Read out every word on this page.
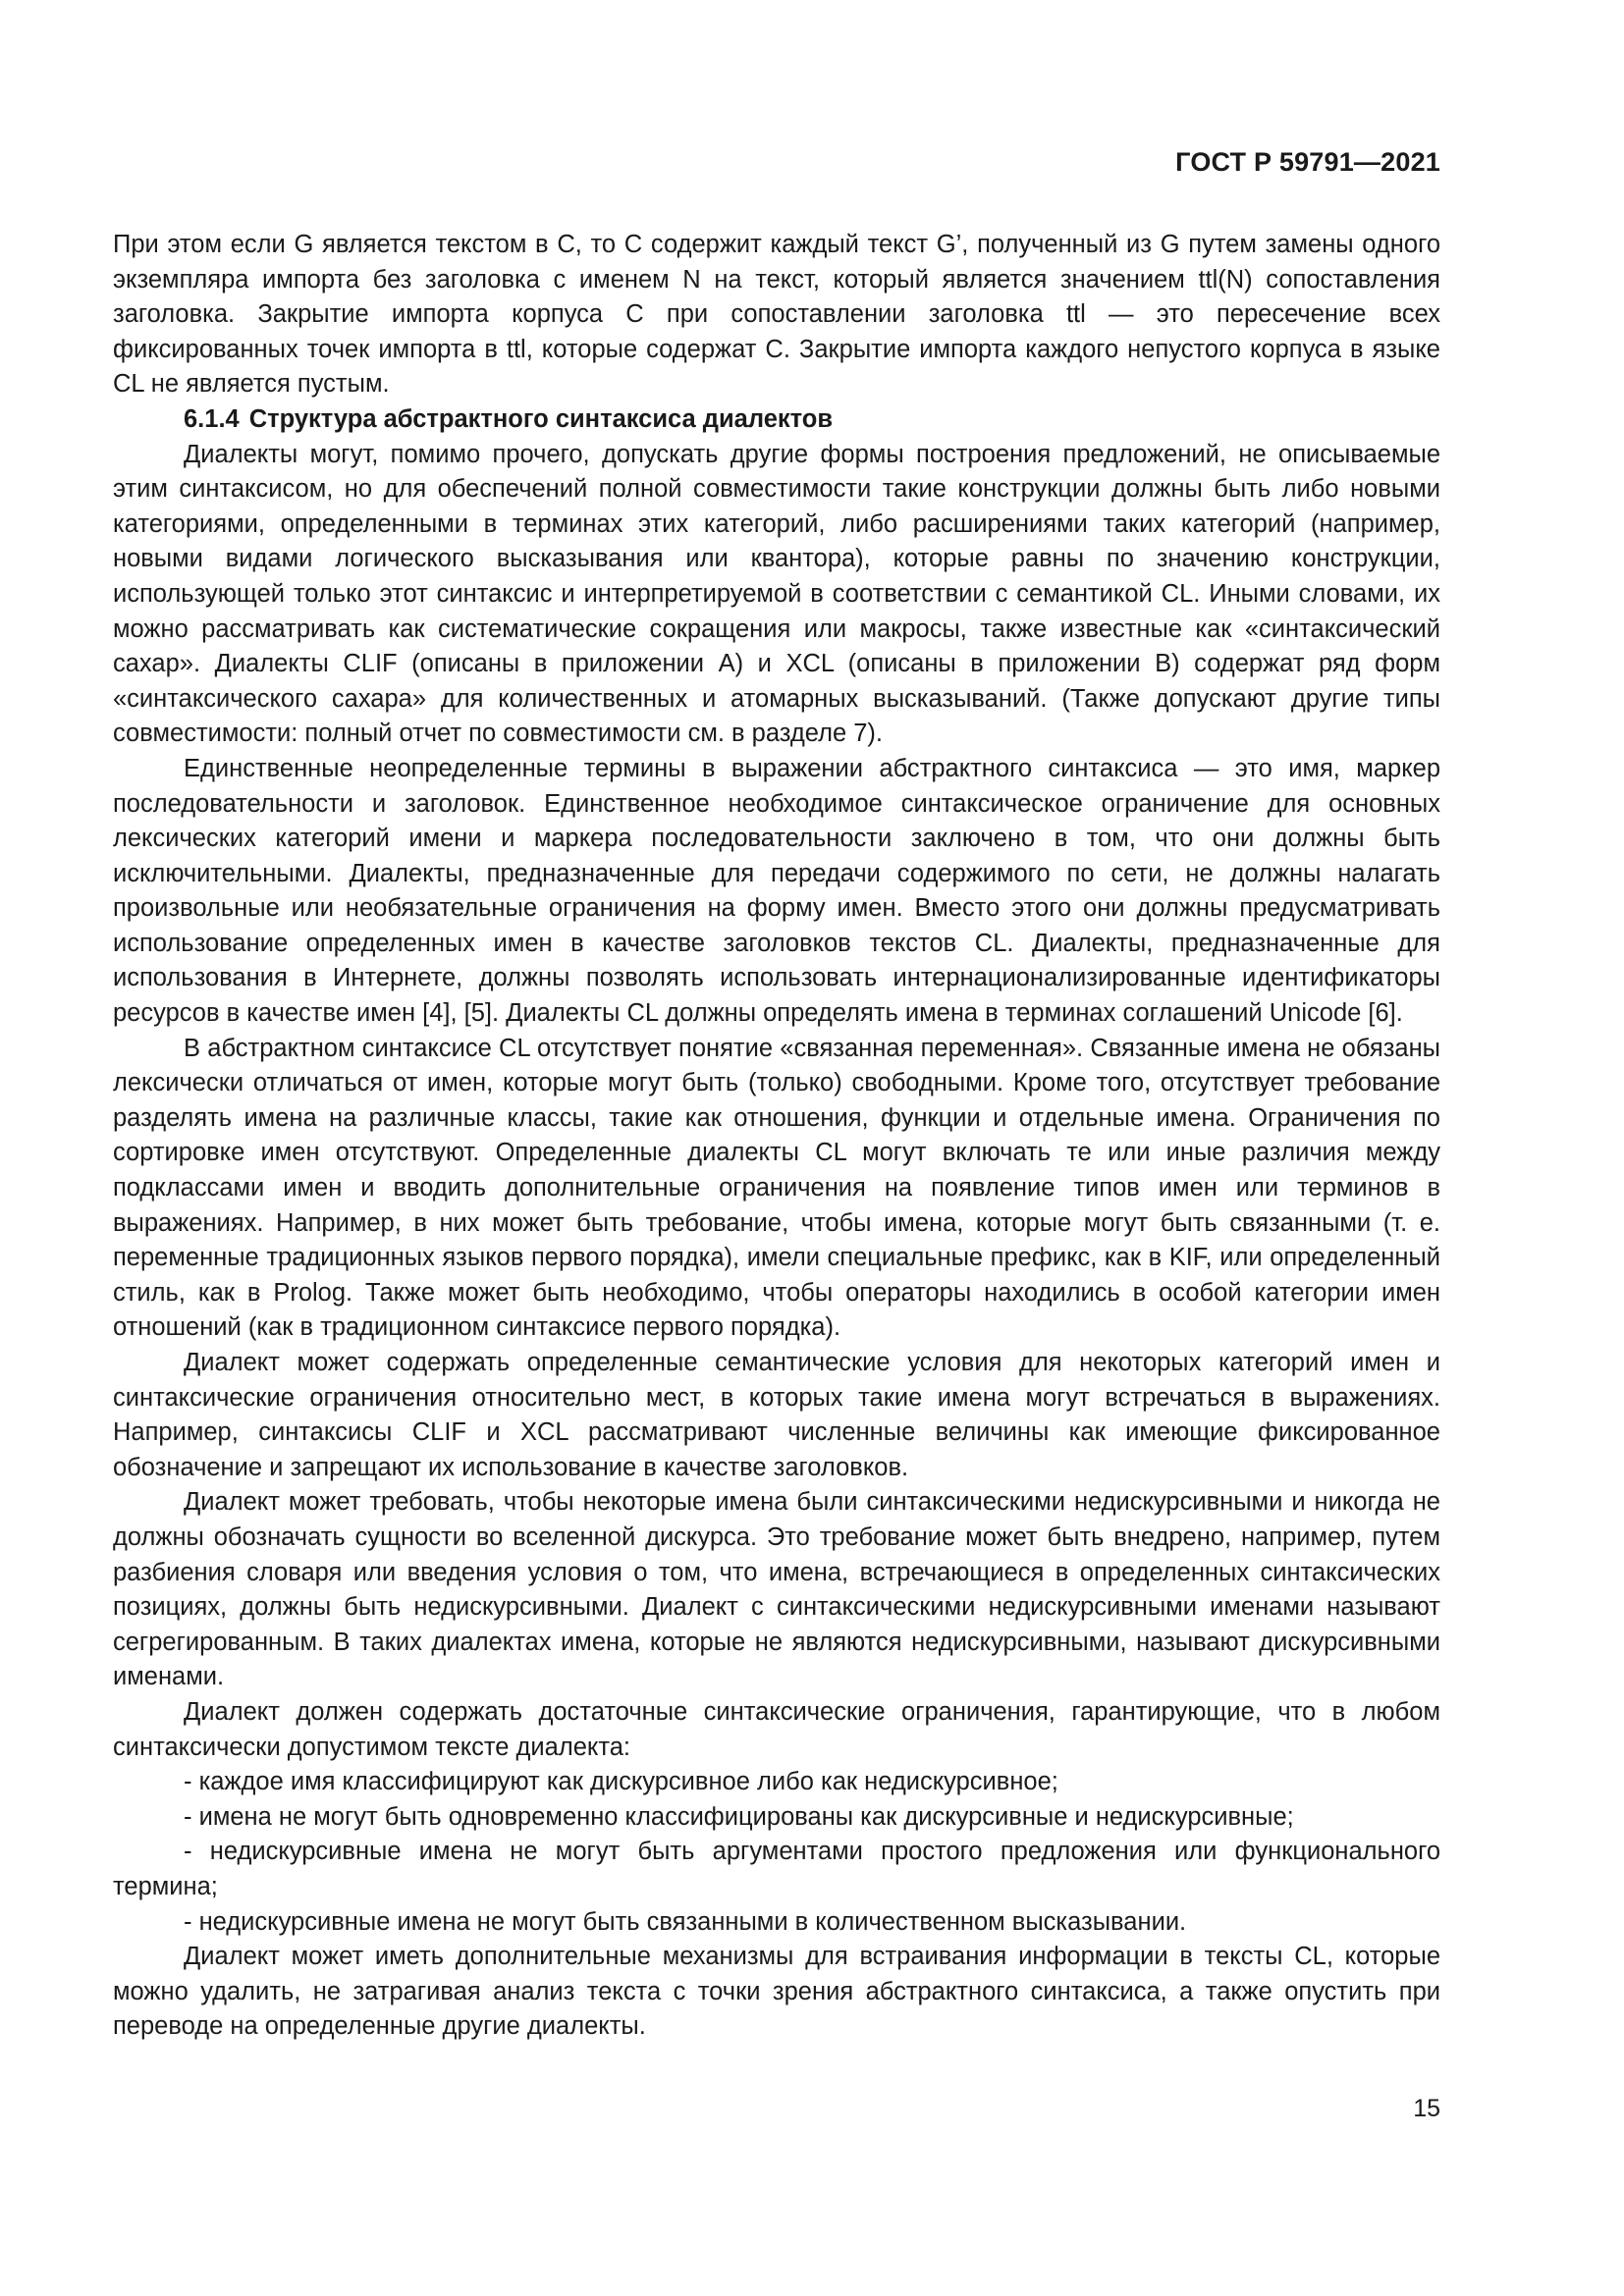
ГОСТ Р 59791—2021

При этом если G является текстом в C, то C содержит каждый текст G’, полученный из G путем замены одного экземпляра импорта без заголовка с именем N на текст, который является значением ttl(N) сопоставления заголовка. Закрытие импорта корпуса C при сопоставлении заголовка ttl — это пересечение всех фиксированных точек импорта в ttl, которые содержат C. Закрытие импорта каждого непустого корпуса в языке CL не является пустым.

6.1.4 Структура абстрактного синтаксиса диалектов

Диалекты могут, помимо прочего, допускать другие формы построения предложений, не описываемые этим синтаксисом, но для обеспечений полной совместимости такие конструкции должны быть либо новыми категориями, определенными в терминах этих категорий, либо расширениями таких категорий (например, новыми видами логического высказывания или квантора), которые равны по значению конструкции, использующей только этот синтаксис и интерпретируемой в соответствии с семантикой CL. Иными словами, их можно рассматривать как систематические сокращения или макросы, также известные как «синтаксический сахар». Диалекты CLIF (описаны в приложении A) и XCL (описаны в приложении B) содержат ряд форм «синтаксического сахара» для количественных и атомарных высказываний. (Также допускают другие типы совместимости: полный отчет по совместимости см. в разделе 7).

Единственные неопределенные термины в выражении абстрактного синтаксиса — это имя, маркер последовательности и заголовок. Единственное необходимое синтаксическое ограничение для основных лексических категорий имени и маркера последовательности заключено в том, что они должны быть исключительными. Диалекты, предназначенные для передачи содержимого по сети, не должны налагать произвольные или необязательные ограничения на форму имен. Вместо этого они должны предусматривать использование определенных имен в качестве заголовков текстов CL. Диалекты, предназначенные для использования в Интернете, должны позволять использовать интернационализированные идентификаторы ресурсов в качестве имен [4], [5]. Диалекты CL должны определять имена в терминах соглашений Unicode [6].

В абстрактном синтаксисе CL отсутствует понятие «связанная переменная». Связанные имена не обязаны лексически отличаться от имен, которые могут быть (только) свободными. Кроме того, отсутствует требование разделять имена на различные классы, такие как отношения, функции и отдельные имена. Ограничения по сортировке имен отсутствуют. Определенные диалекты CL могут включать те или иные различия между подклассами имен и вводить дополнительные ограничения на появление типов имен или терминов в выражениях. Например, в них может быть требование, чтобы имена, которые могут быть связанными (т. е. переменные традиционных языков первого порядка), имели специальные префикс, как в KIF, или определенный стиль, как в Prolog. Также может быть необходимо, чтобы операторы находились в особой категории имен отношений (как в традиционном синтаксисе первого порядка).

Диалект может содержать определенные семантические условия для некоторых категорий имен и синтаксические ограничения относительно мест, в которых такие имена могут встречаться в выражениях. Например, синтаксисы CLIF и XCL рассматривают численные величины как имеющие фиксированное обозначение и запрещают их использование в качестве заголовков.

Диалект может требовать, чтобы некоторые имена были синтаксическими недискурсивными и никогда не должны обозначать сущности во вселенной дискурса. Это требование может быть внедрено, например, путем разбиения словаря или введения условия о том, что имена, встречающиеся в определенных синтаксических позициях, должны быть недискурсивными. Диалект с синтаксическими недискурсивными именами называют сегрегированным. В таких диалектах имена, которые не являются недискурсивными, называют дискурсивными именами.

Диалект должен содержать достаточные синтаксические ограничения, гарантирующие, что в любом синтаксически допустимом тексте диалекта:

- каждое имя классифицируют как дискурсивное либо как недискурсивное;

- имена не могут быть одновременно классифицированы как дискурсивные и недискурсивные;

- недискурсивные имена не могут быть аргументами простого предложения или функционального термина;

- недискурсивные имена не могут быть связанными в количественном высказывании.

Диалект может иметь дополнительные механизмы для встраивания информации в тексты CL, которые можно удалить, не затрагивая анализ текста с точки зрения абстрактного синтаксиса, а также опустить при переводе на определенные другие диалекты.

15
